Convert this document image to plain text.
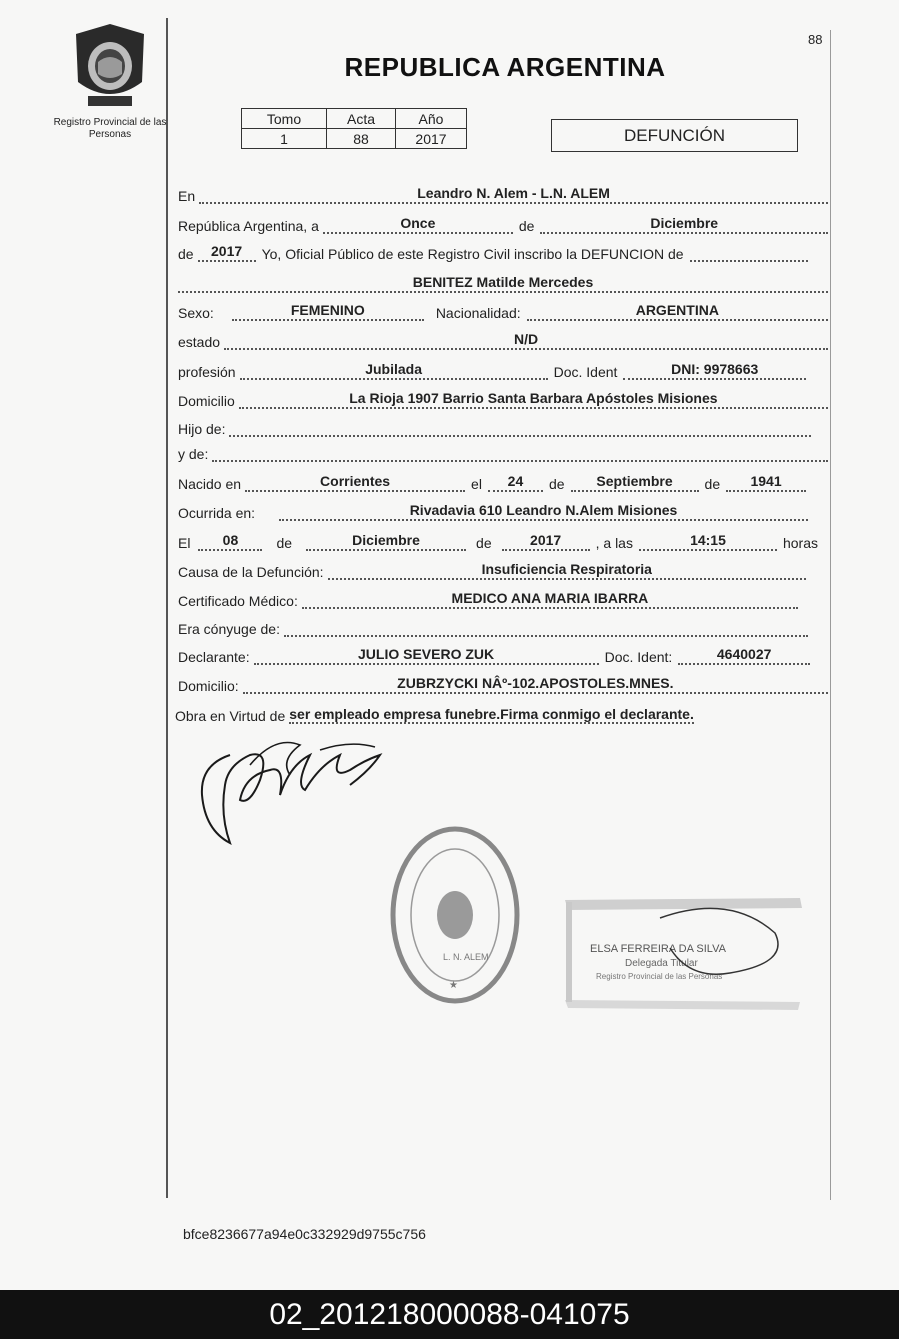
Registro Provincial de las Personas
88
REPUBLICA ARGENTINA
Tomo	Acta	Año
1	88	2017	DEFUNCIÓN
En	Leandro N. Alem - L.N. ALEM
República Argentina, a	Once	de	Diciembre
de	2017	Yo, Oficial Público de este Registro Civil inscribo la DEFUNCION de
BENITEZ Matilde Mercedes
Sexo:	FEMENINO	Nacionalidad:	ARGENTINA
estado	N/D
profesión	Jubilada	Doc. Ident	DNI: 9978663
Domicilio	La Rioja 1907 Barrio Santa Barbara Apóstoles Misiones
Hijo de:
y de:
Nacido en	Corrientes	el	24	de	Septiembre	de	1941
Ocurrida en:	Rivadavia 610 Leandro N.Alem Misiones
El	08	de	Diciembre	de	2017	, a las	14:15	horas
Causa de la Defunción:	Insuficiencia Respiratoria
Certificado Médico:	MEDICO ANA MARIA IBARRA
Era cónyuge de:
Declarante:	JULIO SEVERO ZUK	Doc. Ident:	4640027
Domicilio:	ZUBRZYCKI NÂº-102.APOSTOLES.MNES.
Obra en Virtud de ser empleado empresa funebre.Firma conmigo el declarante.
L. N. ALEM
★
ELSA FERREIRA DA SILVA
Delegada Titular
Registro Provincial de las Personas
bfce8236677a94e0c332929d9755c756
02_201218000088-041075
